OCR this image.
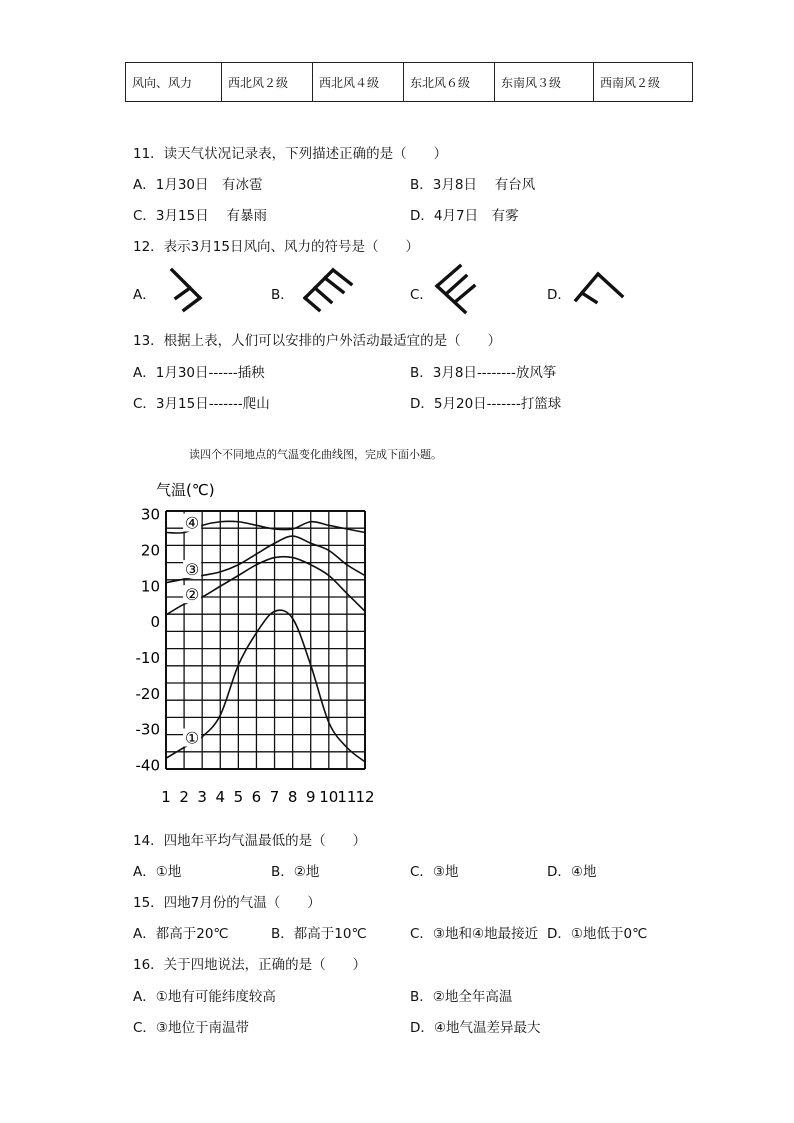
风向、风力	西北风２级	西北风４级	东北风６级	东南风３级	西南风２级
11．读天气状况记录表，下列描述正确的是（　　）
A．1月30日　有冰雹	B．3月8日　 有台风
C．3月15日　 有暴雨	D．4月7日　有雾
12．表示3月15日风向、风力的符号是（　　）
A．	B．	C．	D．
13．根据上表，人们可以安排的户外活动最适宜的是（　　）
A．1月30日------插秧	B．3月8日--------放风筝
C．3月15日-------爬山	D．5月20日-------打篮球
读四个不同地点的气温变化曲线图，完成下面小题。
气温(℃)
30
20
10
0
-10
-20
-30
-40
1 2 3 4 5 6 7 8 9 10
11
12
①
②
③
④
14．四地年平均气温最低的是（　　）
A．①地	B．②地	C．③地	D．④地
15．四地7月份的气温（　　）
A．都高于20℃	B．都高于10℃	C．③地和④地最接近 D．①地低于0℃
16．关于四地说法，正确的是（　　）
A．①地有可能纬度较高	B．②地全年高温
C．③地位于南温带	D．④地气温差异最大
